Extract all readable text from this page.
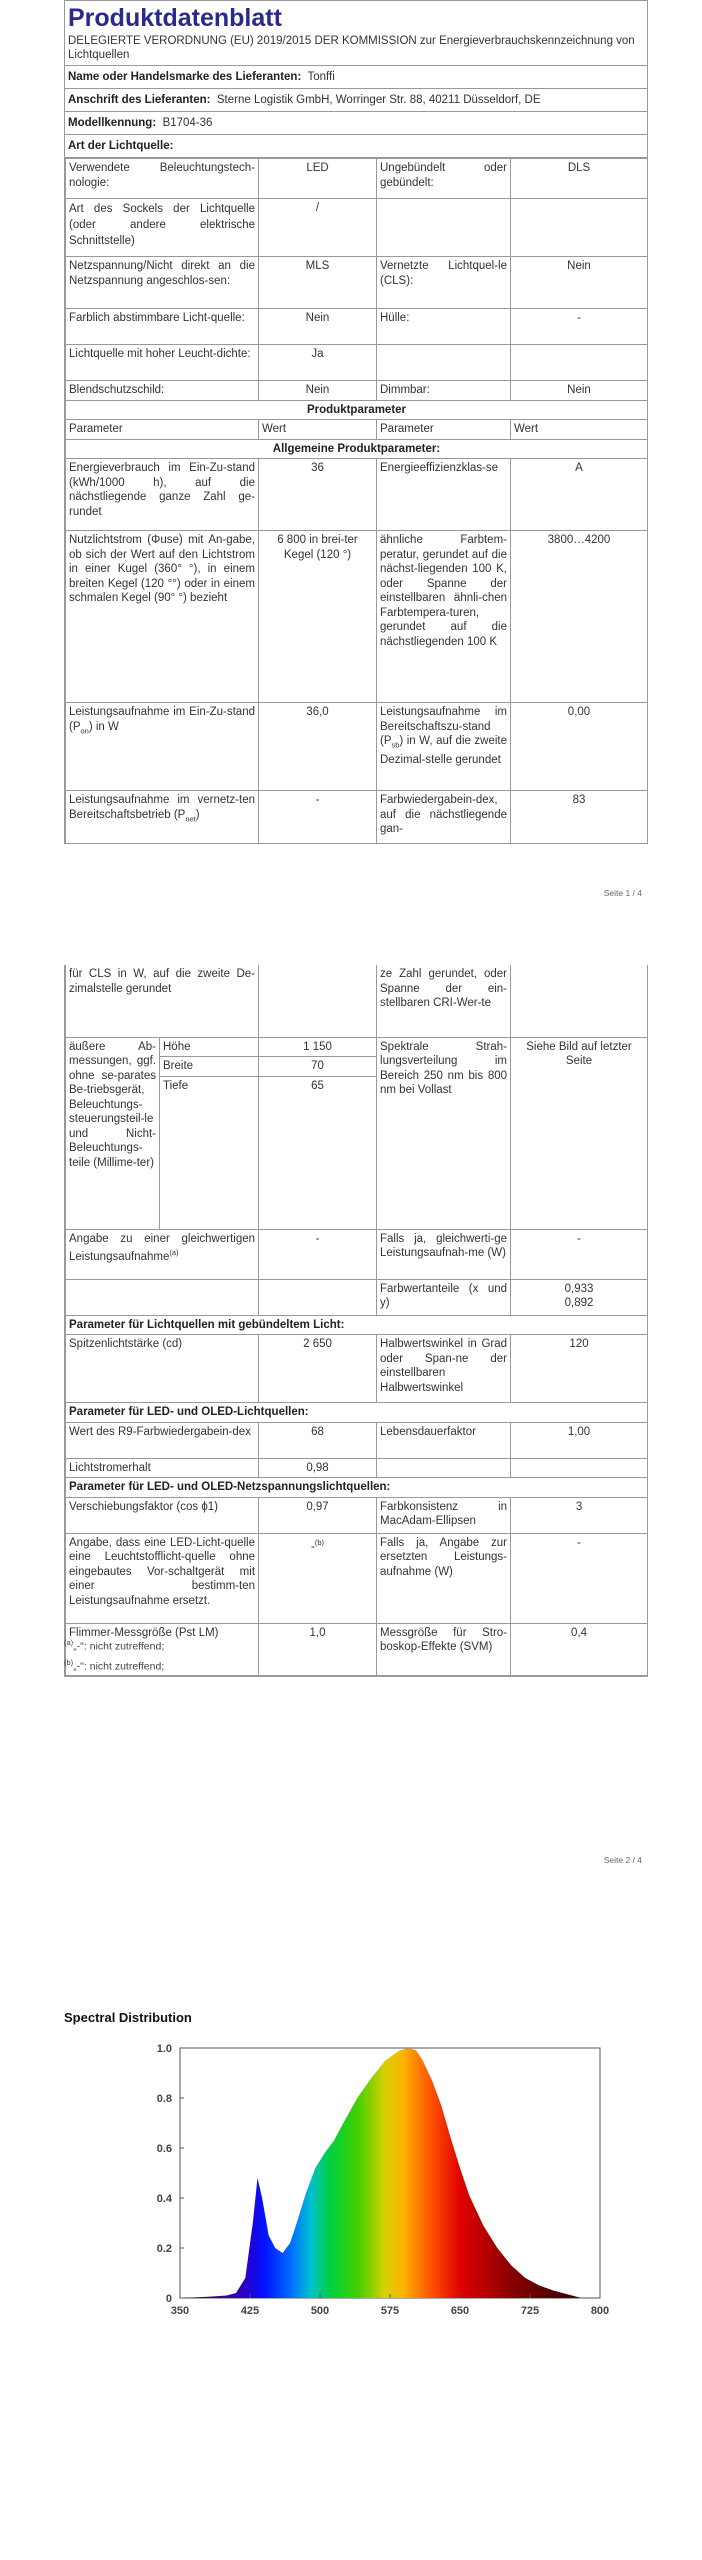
Produktdatenblatt
DELEGIERTE VERORDNUNG (EU) 2019/2015 DER KOMMISSION zur Energieverbrauchskennzeichnung von Lichtquellen
Name oder Handelsmarke des Lieferanten: Tonffi
Anschrift des Lieferanten: Sterne Logistik GmbH, Worringer Str. 88, 40211 Düsseldorf, DE
Modellkennung: B1704-36
Art der Lichtquelle:
Verwendete Beleuchtungstech-nologie:	LED	Ungebündelt oder gebündelt:	DLS
Art des Sockels der Lichtquelle (oder andere elektrische Schnittstelle)	/		
Netzspannung/Nicht direkt an die Netzspannung angeschlos-sen:	MLS	Vernetzte Lichtquel-le (CLS):	Nein
Farblich abstimmbare Licht-quelle:	Nein	Hülle:	-
Lichtquelle mit hoher Leucht-dichte:	Ja		
Blendschutzschild:	Nein	Dimmbar:	Nein
Produktparameter			
Parameter	Wert	Parameter	Wert
Allgemeine Produktparameter:			
Energieverbrauch im Ein-Zu-stand (kWh/1000 h), auf die nächstliegende ganze Zahl ge-rundet	36	Energieeffizienzklas-se	A
Nutzlichtstrom (Φuse) mit An-gabe, ob sich der Wert auf den Lichtstrom in einer Kugel (360° °), in einem breiten Kegel (120 °°) oder in einem schmalen Kegel (90° °) bezieht	6 800 in brei-ter Kegel (120 °)	ähnliche Farbtem-peratur, gerundet auf die nächst-liegenden 100 K, oder Spanne der einstellbaren ähnli-chen Farbtempera-turen, gerundet auf die nächstliegenden 100 K	3800…4200
Leistungsaufnahme im Ein-Zu-stand $(P_{on})$ in W	36,0	Leistungsaufnahme im Bereitschaftszu-stand $(P_{sb})$ in W, auf die zweite Dezimal-stelle gerundet	0,00
Leistungsaufnahme im vernetz-ten Bereitschaftsbetrieb $(P_{net})$	-	Farbwiedergabein-dex, auf die nächstliegende gan-	83
Seite 1 / 4
für CLS in W, auf die zweite De-zimalstelle gerundet			ze Zahl gerundet, oder Spanne der ein-stellbaren CRI-Wer-te	
äußere Ab-messungen, ggf. ohne se-parates Be-triebsgerät, Beleuchtungs-steuerungsteil-le und Nicht-Beleuchtungs-teile (Millime-ter)	Höhe	1 150	Spektrale Strah-lungsverteilung im Bereich 250 nm bis 800 nm bei Vollast	Siehe Bild auf letzter Seite
	Breite	70		
	Tiefe	65		

Angabe zu einer gleichwertigen Leistungsaufnahme$^{(a)}$		-	Falls ja, gleichwerti-ge Leistungsaufnah-me (W)	-
			Farbwertanteile (x und y)	0,933
0,892

Parameter für Lichtquellen mit gebündeltem Licht:				
Spitzenlichtstärke (cd)		2 650	Halbwertswinkel in Grad oder Span-ne der einstellbaren Halbwertswinkel	120
Parameter für LED- und OLED-Lichtquellen:				
Wert des R9-Farbwiedergabein-dex		68	Lebensdauerfaktor	1,00
Lichtstromerhalt		0,98		
Parameter für LED- und OLED-Netzspannungslichtquellen:				
Verschiebungsfaktor (cos ϕ1)		0,97	Farbkonsistenz in MacAdam-Ellipsen	3
Angabe, dass eine LED-Licht-quelle eine Leuchtstofflicht-quelle ohne eingebautes Vor-schaltgerät mit einer bestimm-ten Leistungsaufnahme ersetzt.		-$^{(b)}$	Falls ja, Angabe zur ersetzten Leistungs-aufnahme (W)	-
Flimmer-Messgröße (Pst LM)		1,0	Messgröße für Stro-boskop-Effekte (SVM)	0,4
$^{(a)}$„-": nicht zutreffend;
$^{(b)}$„-": nicht zutreffend;
Seite 2 / 4
Spectral Distribution
0
0.2
0.4
0.6
0.8
1.0
350	425	500	575	650	725	800
